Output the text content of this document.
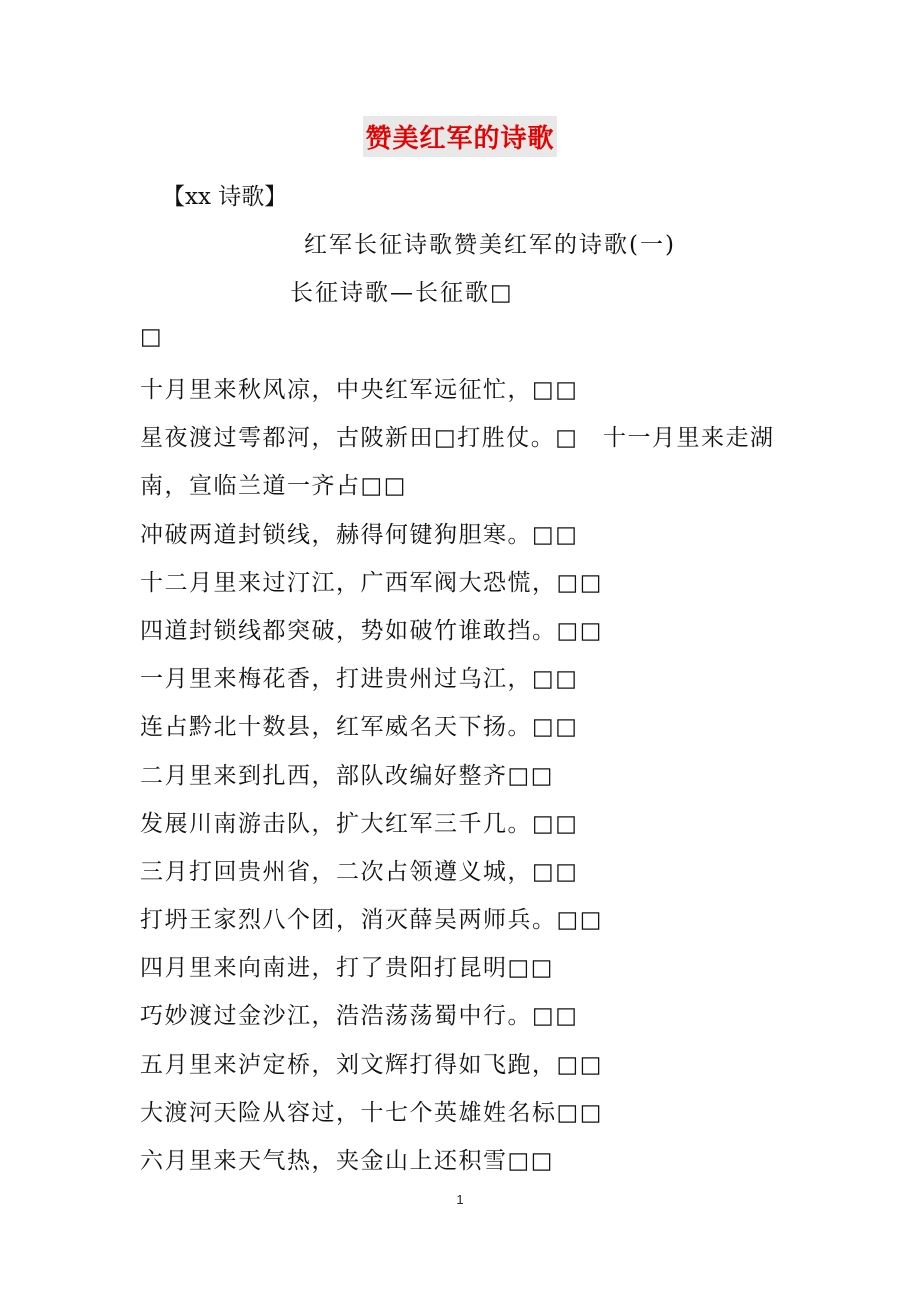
赞美红军的诗歌
【xx 诗歌】
红军长征诗歌赞美红军的诗歌(一)
长征诗歌—长征歌□
□
十月里来秋风凉，中央红军远征忙，□□
星夜渡过雩都河，古陂新田□打胜仗。□　十一月里来走湖
南，宣临兰道一齐占□□
冲破两道封锁线，赫得何键狗胆寒。□□
十二月里来过汀江，广西军阀大恐慌，□□
四道封锁线都突破，势如破竹谁敢挡。□□
一月里来梅花香，打进贵州过乌江，□□
连占黔北十数县，红军威名天下扬。□□
二月里来到扎西，部队改编好整齐□□
发展川南游击队，扩大红军三千几。□□
三月打回贵州省，二次占领遵义城，□□
打坍王家烈八个团，消灭薛吴两师兵。□□
四月里来向南进，打了贵阳打昆明□□
巧妙渡过金沙江，浩浩荡荡蜀中行。□□
五月里来泸定桥，刘文辉打得如飞跑，□□
大渡河天险从容过，十七个英雄姓名标□□
六月里来天气热，夹金山上还积雪□□
1
